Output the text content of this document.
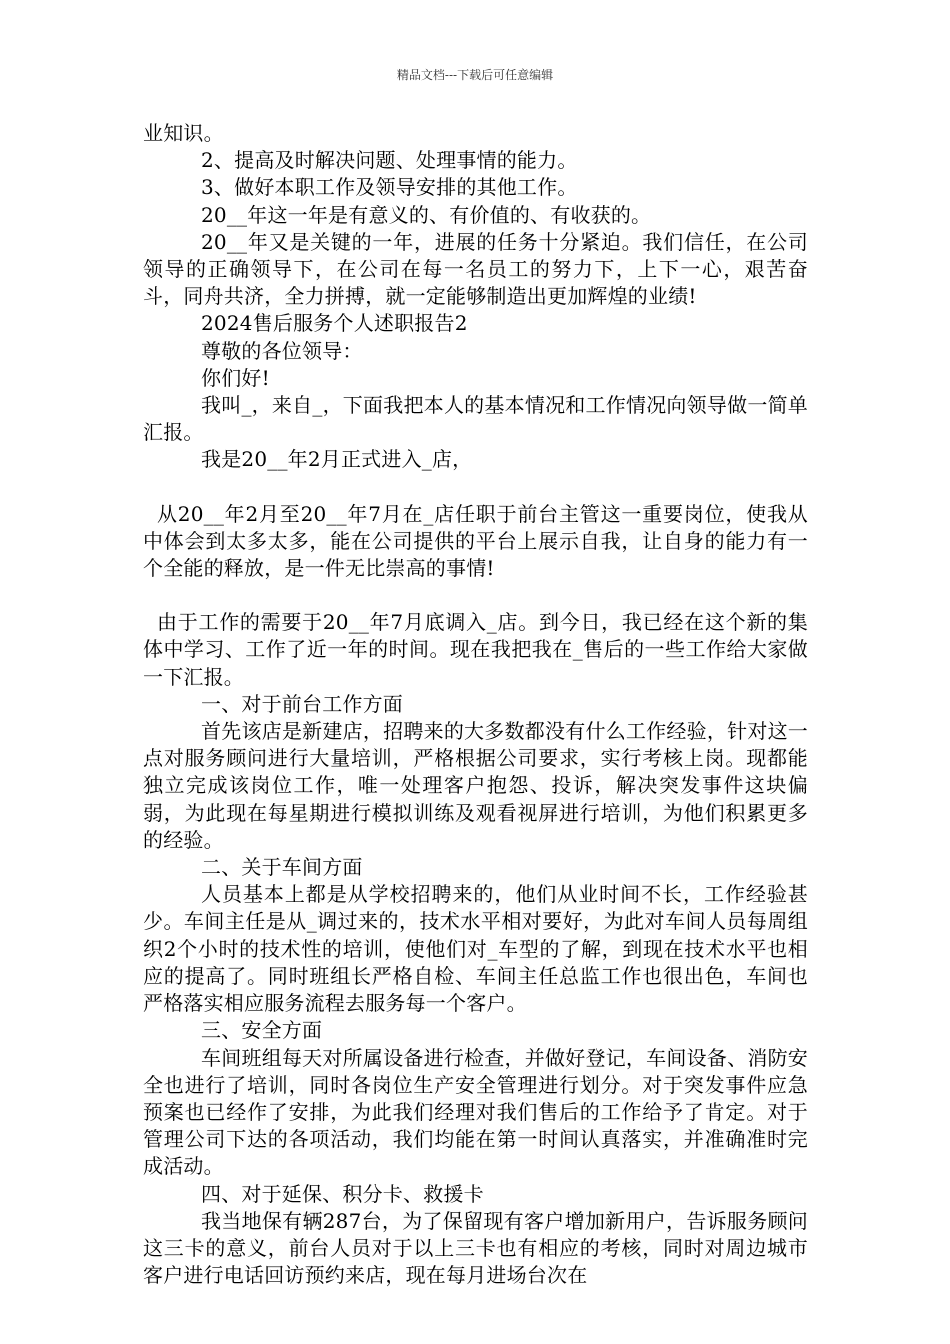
精品文档---下载后可任意编辑

业知识。

2、提高及时解决问题、处理事情的能力。

3、做好本职工作及领导安排的其他工作。

20__年这一年是有意义的、有价值的、有收获的。

20__年又是关键的一年，进展的任务十分紧迫。我们信任，在公司领导的正确领导下，在公司在每一名员工的努力下，上下一心，艰苦奋斗，同舟共济，全力拼搏，就一定能够制造出更加辉煌的业绩!

2024售后服务个人述职报告2

尊敬的各位领导：

你们好!

我叫_，来自_，下面我把本人的基本情况和工作情况向领导做一简单汇报。

我是20__年2月正式进入_店，

从20__年2月至20__年7月在_店任职于前台主管这一重要岗位，使我从中体会到太多太多，能在公司提供的平台上展示自我，让自身的能力有一个全能的释放，是一件无比崇高的事情!

由于工作的需要于20__年7月底调入_店。到今日，我已经在这个新的集体中学习、工作了近一年的时间。现在我把我在_售后的一些工作给大家做一下汇报。

一、对于前台工作方面

首先该店是新建店，招聘来的大多数都没有什么工作经验，针对这一点对服务顾问进行大量培训，严格根据公司要求，实行考核上岗。现都能独立完成该岗位工作，唯一处理客户抱怨、投诉，解决突发事件这块偏弱，为此现在每星期进行模拟训练及观看视屏进行培训，为他们积累更多的经验。

二、关于车间方面

人员基本上都是从学校招聘来的，他们从业时间不长，工作经验甚少。车间主任是从_调过来的，技术水平相对要好，为此对车间人员每周组织2个小时的技术性的培训，使他们对_车型的了解，到现在技术水平也相应的提高了。同时班组长严格自检、车间主任总监工作也很出色，车间也严格落实相应服务流程去服务每一个客户。

三、安全方面

车间班组每天对所属设备进行检查，并做好登记，车间设备、消防安全也进行了培训，同时各岗位生产安全管理进行划分。对于突发事件应急预案也已经作了安排，为此我们经理对我们售后的工作给予了肯定。对于管理公司下达的各项活动，我们均能在第一时间认真落实，并准确准时完成活动。

四、对于延保、积分卡、救援卡

我当地保有辆287台，为了保留现有客户增加新用户，告诉服务顾问这三卡的意义，前台人员对于以上三卡也有相应的考核，同时对周边城市客户进行电话回访预约来店，现在每月进场台次在
